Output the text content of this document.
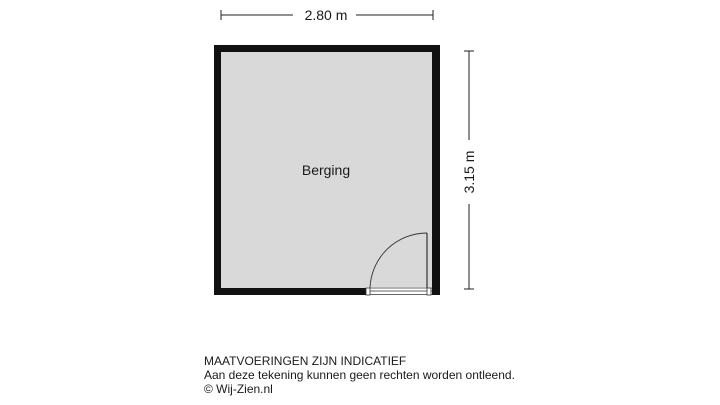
2.80 m
3.15 m
Berging
MAATVOERINGEN ZIJN INDICATIEF
Aan deze tekening kunnen geen rechten worden ontleend.
© Wij-Zien.nl
